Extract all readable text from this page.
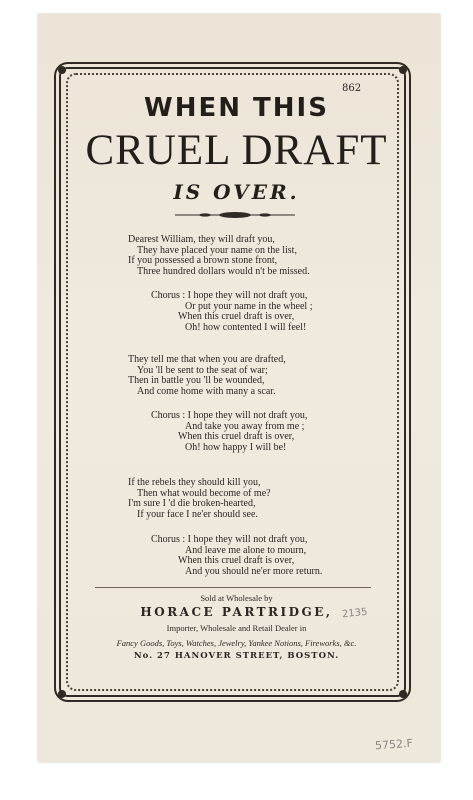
862
WHEN THIS
CRUEL DRAFT
IS OVER.
Dearest William, they will draft you,
They have placed your name on the list,
If you possessed a brown stone front,
Three hundred dollars would n't be missed.
Chorus : I hope they will not draft you,
Or put your name in the wheel ;
When this cruel draft is over,
Oh! how contented I will feel!
They tell me that when you are drafted,
You 'll be sent to the seat of war;
Then in battle you 'll be wounded,
And come home with many a scar.
Chorus : I hope they will not draft you,
And take you away from me ;
When this cruel draft is over,
Oh! how happy I will be!
If the rebels they should kill you,
Then what would become of me?
I'm sure I 'd die broken-hearted,
If your face I ne'er should see.
Chorus : I hope they will not draft you,
And leave me alone to mourn,
When this cruel draft is over,
And you should ne'er more return.
Sold at Wholesale by
HORACE PARTRIDGE,
Importer, Wholesale and Retail Dealer in
Fancy Goods, Toys, Watches, Jewelry, Yankee Notions, Fireworks, &c.
No. 27 HANOVER STREET, BOSTON.
2135
5752.F
